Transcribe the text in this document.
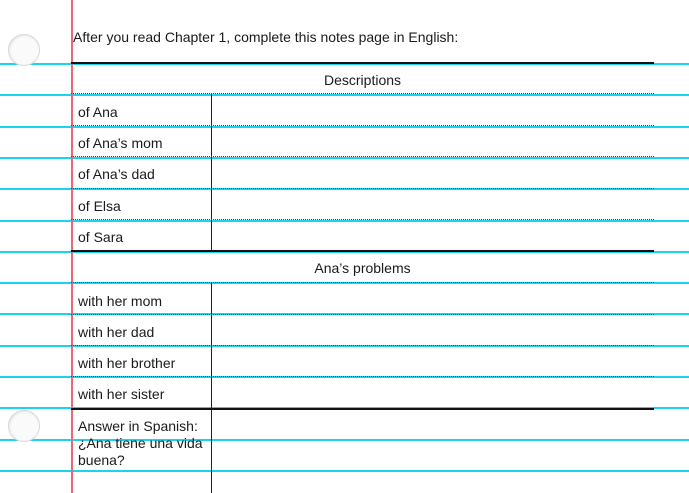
After you read Chapter 1, complete this notes page in English:
Descriptions
of Ana
of Ana’s mom
of Ana’s dad
of Elsa
of Sara
Ana’s problems
with her mom
with her dad
with her brother
with her sister
Answer in Spanish: ¿Ana tiene una vida buena?
